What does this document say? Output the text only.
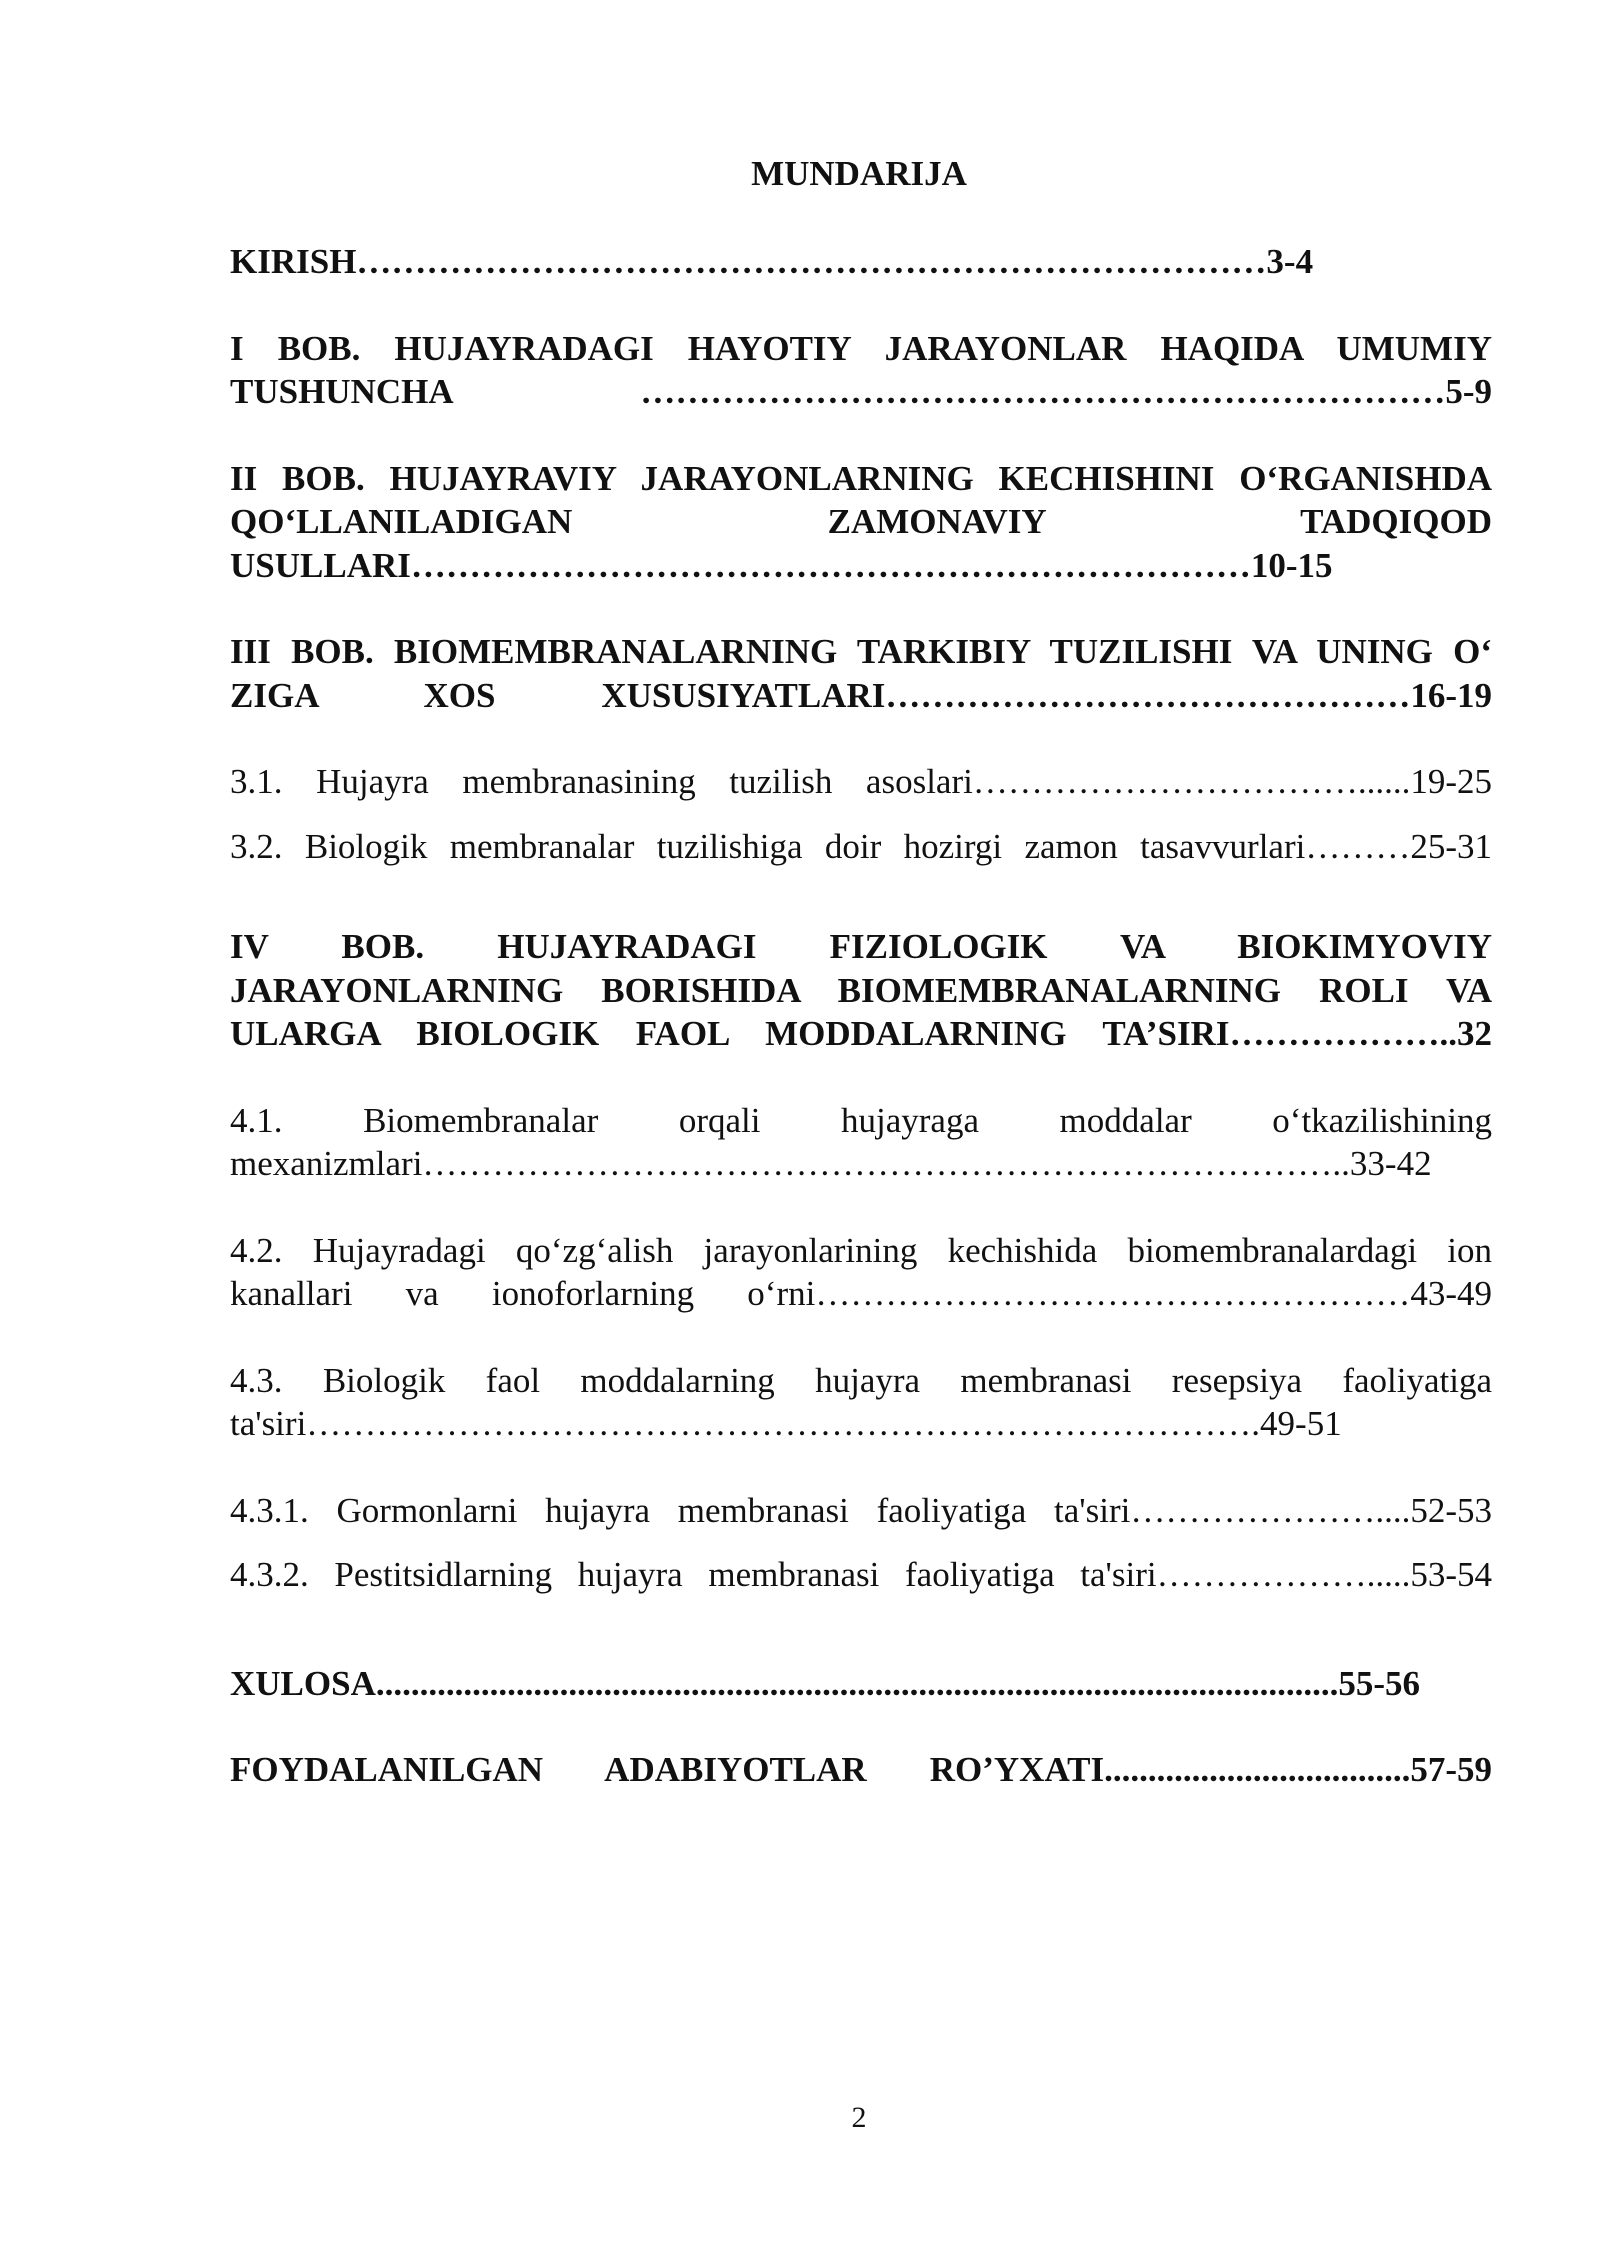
MUNDARIJA

KIRISH……………………………………………………………………3-4

I BOB. HUJAYRADAGI HAYOTIY JARAYONLAR HAQIDA UMUMIY TUSHUNCHA ……………………………………………………………5-9

II BOB. HUJAYRAVIY JARAYONLARNING KECHISHINI OʻRGANISHDA QOʻLLANILADIGAN ZAMONAVIY TADQIQOD USULLARI………………………………………………………………10-15

III BOB. BIOMEMBRANALARNING TARKIBIY TUZILISHI VA UNING Oʻ ZIGA XOS XUSUSIYATLARI………………………………………16-19

3.1. Hujayra membranasining tuzilish asoslari……………………………......19-25

3.2. Biologik membranalar tuzilishiga doir hozirgi zamon tasavvurlari………25-31

IV BOB. HUJAYRADAGI FIZIOLOGIK VA BIOKIMYOVIY JARAYONLARNING BORISHIDA BIOMEMBRANALARNING ROLI VA ULARGA BIOLOGIK FAOL MODDALARNING TA’SIRI………………..32

4.1. Biomembranalar orqali hujayraga moddalar oʻtkazilishining mexanizmlari……………………………………………………………………..33-42

4.2. Hujayradagi qoʻzgʻalish jarayonlarining kechishida biomembranalardagi ion kanallari va ionoforlarning oʻrni……………………………………………43-49

4.3. Biologik faol moddalarning hujayra membranasi resepsiya faoliyatiga ta'siri……………………………………………………………………….49-51

4.3.1. Gormonlarni hujayra membranasi faoliyatiga ta'siri…………………....52-53

4.3.2. Pestitsidlarning hujayra membranasi faoliyatiga ta'siri……………….....53-54

XULOSA..............................................................................................................55-56

FOYDALANILGAN ADABIYOTLAR ROʼYXATI...................................57-59

2
